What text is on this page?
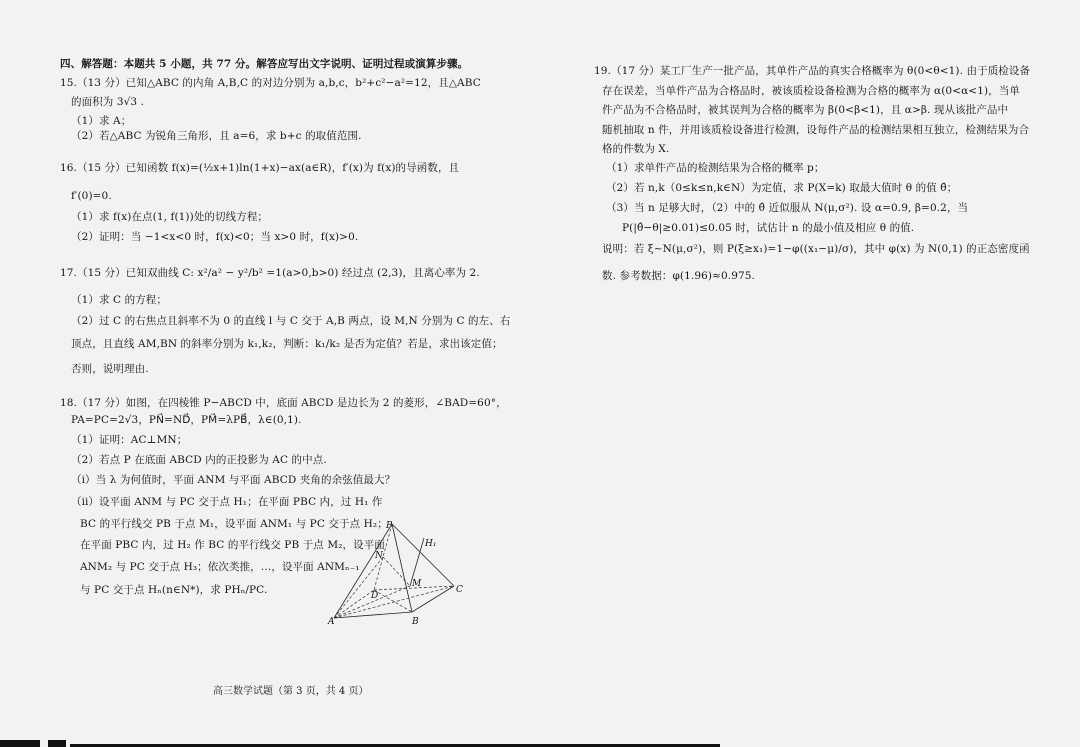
四、解答题：本题共 5 小题，共 77 分。解答应写出文字说明、证明过程或演算步骤。
15.（13 分）已知△ABC 的内角 A,B,C 的对边分别为 a,b,c，b²+c²−a²=12，且△ABC
的面积为 3√3 .
（1）求 A；
（2）若△ABC 为锐角三角形，且 a=6，求 b+c 的取值范围.
16.（15 分）已知函数 f(x)=(½x+1)ln(1+x)−ax(a∈R)，f′(x)为 f(x)的导函数，且
f′(0)=0.
（1）求 f(x)在点(1, f(1))处的切线方程；
（2）证明：当 −1<x<0 时，f(x)<0；当 x>0 时，f(x)>0.
17.（15 分）已知双曲线 C: x²/a² − y²/b² =1(a>0,b>0) 经过点 (2,3)，且离心率为 2.
（1）求 C 的方程；
（2）过 C 的右焦点且斜率不为 0 的直线 l 与 C 交于 A,B 两点，设 M,N 分别为 C 的左、右
顶点，且直线 AM,BN 的斜率分别为 k₁,k₂，判断：k₁/k₂ 是否为定值？若是，求出该定值；
否则，说明理由.
18.（17 分）如图，在四棱锥 P−ABCD 中，底面 ABCD 是边长为 2 的菱形，∠BAD=60°，
PA=PC=2√3，PN⃗=ND⃗，PM⃗=λPB⃗，λ∈(0,1).
（1）证明：AC⊥MN；
（2）若点 P 在底面 ABCD 内的正投影为 AC 的中点.
（ⅰ）当 λ 为何值时，平面 ANM 与平面 ABCD 夹角的余弦值最大？
（ⅱ）设平面 ANM 与 PC 交于点 H₁；在平面 PBC 内，过 H₁ 作
BC 的平行线交 PB 于点 M₁，设平面 ANM₁ 与 PC 交于点 H₂；
在平面 PBC 内，过 H₂ 作 BC 的平行线交 PB 于点 M₂，设平面
ANM₂ 与 PC 交于点 H₃；依次类推，…，设平面 ANMₙ₋₁
与 PC 交于点 Hₙ(n∈N*)，求 PHₙ/PC.
P
N
H₁
D
M
C
A	B
19.（17 分）某工厂生产一批产品，其单件产品的真实合格概率为 θ(0<θ<1). 由于质检设备
存在误差，当单件产品为合格品时，被该质检设备检测为合格的概率为 α(0<α<1)，当单
件产品为不合格品时，被其误判为合格的概率为 β(0<β<1)，且 α>β. 现从该批产品中
随机抽取 n 件，并用该质检设备进行检测，设每件产品的检测结果相互独立，检测结果为合
格的件数为 X.
（1）求单件产品的检测结果为合格的概率 p；
（2）若 n,k（0≤k≤n,k∈N）为定值，求 P(X=k) 取最大值时 θ 的值 θ̂；
（3）当 n 足够大时，（2）中的 θ̂ 近似服从 N(μ,σ²). 设 α=0.9, β=0.2，当
P(|θ̂−θ|≥0.01)≤0.05 时，试估计 n 的最小值及相应 θ 的值.
说明：若 ξ~N(μ,σ²)，则 P(ξ≥x₁)=1−φ((x₁−μ)/σ)，其中 φ(x) 为 N(0,1) 的正态密度函
数. 参考数据：φ(1.96)≈0.975.
高三数学试题（第 3 页，共 4 页）
